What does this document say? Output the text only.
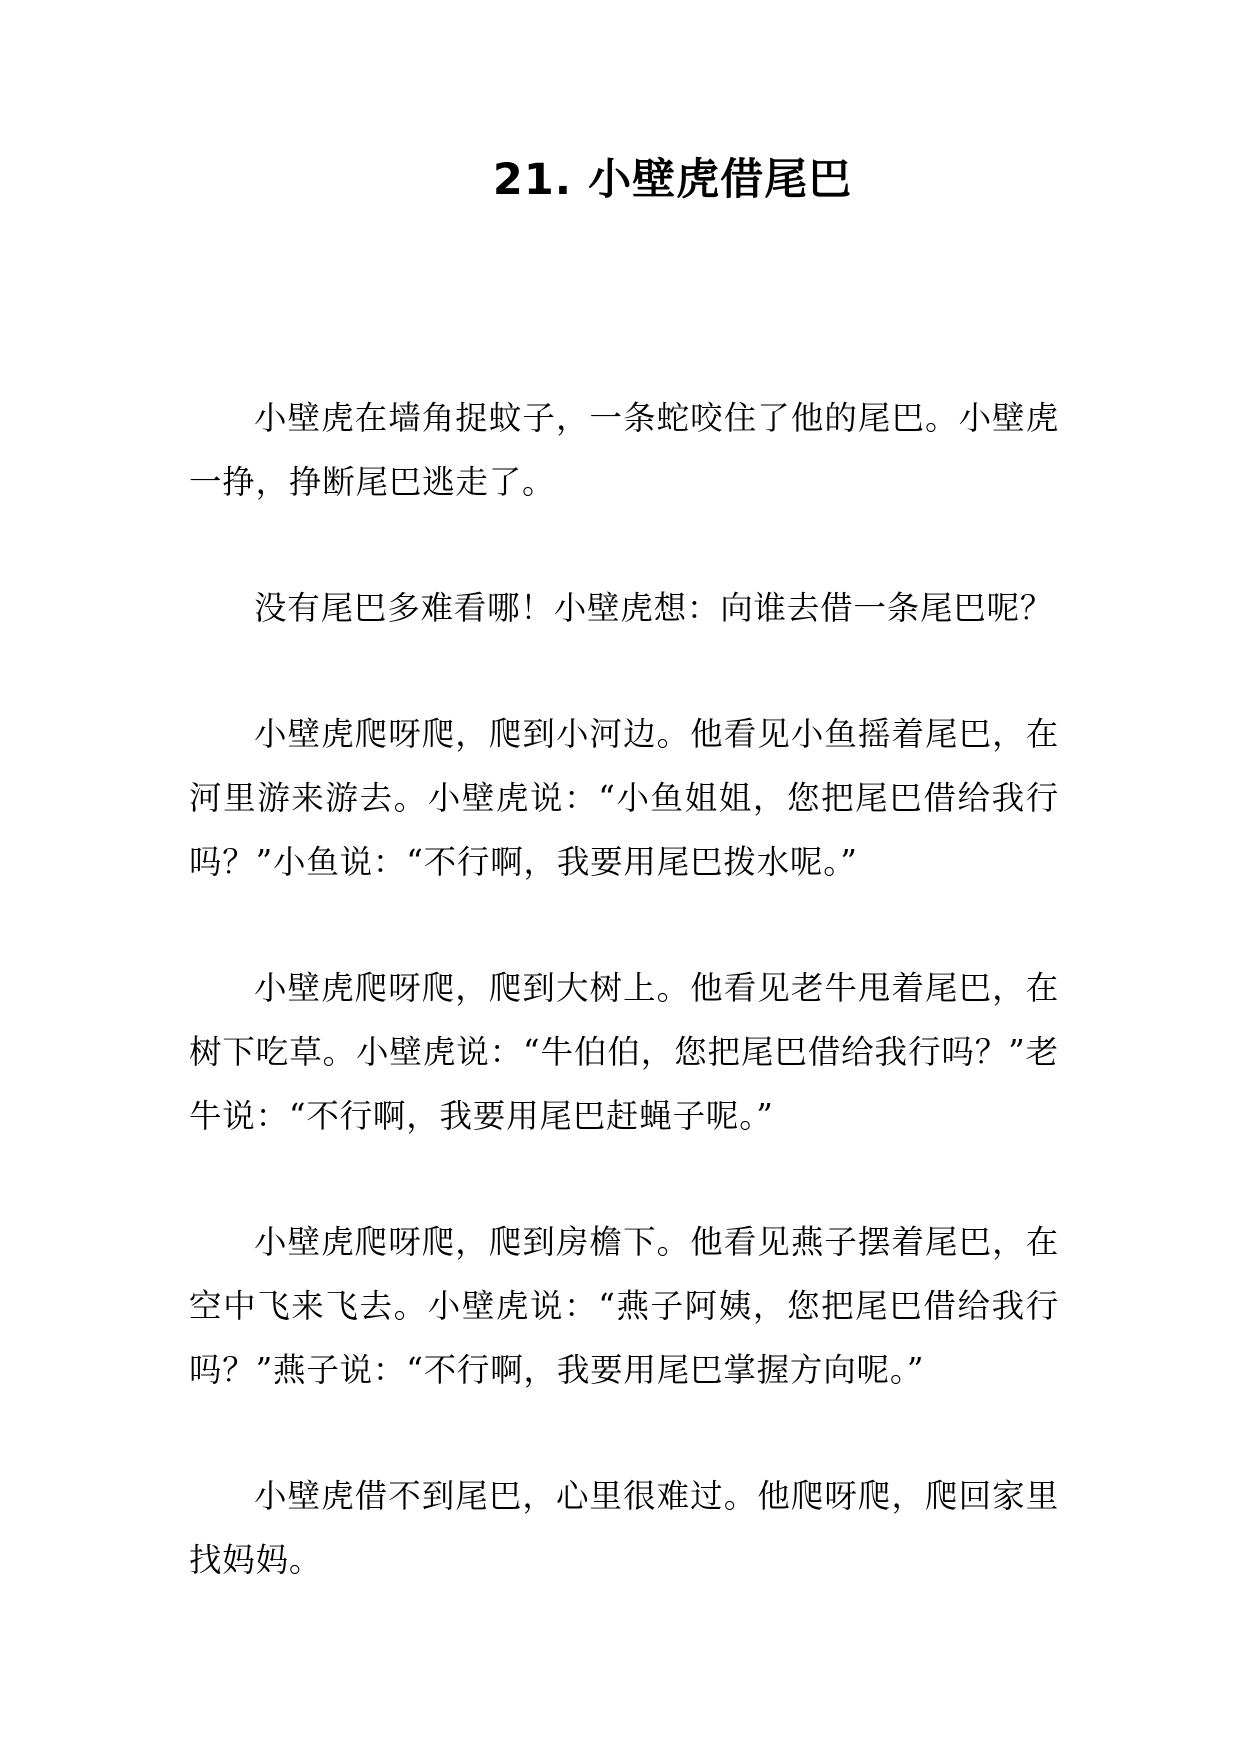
21. 小壁虎借尾巴

小壁虎在墙角捉蚊子，一条蛇咬住了他的尾巴。小壁虎一挣，挣断尾巴逃走了。

没有尾巴多难看哪！小壁虎想：向谁去借一条尾巴呢？

小壁虎爬呀爬，爬到小河边。他看见小鱼摇着尾巴，在河里游来游去。小壁虎说：“小鱼姐姐，您把尾巴借给我行吗？”小鱼说：“不行啊，我要用尾巴拨水呢。”

小壁虎爬呀爬，爬到大树上。他看见老牛甩着尾巴，在树下吃草。小壁虎说：“牛伯伯，您把尾巴借给我行吗？”老牛说：“不行啊，我要用尾巴赶蝇子呢。”

小壁虎爬呀爬，爬到房檐下。他看见燕子摆着尾巴，在空中飞来飞去。小壁虎说：“燕子阿姨，您把尾巴借给我行吗？”燕子说：“不行啊，我要用尾巴掌握方向呢。”

小壁虎借不到尾巴，心里很难过。他爬呀爬，爬回家里找妈妈。
